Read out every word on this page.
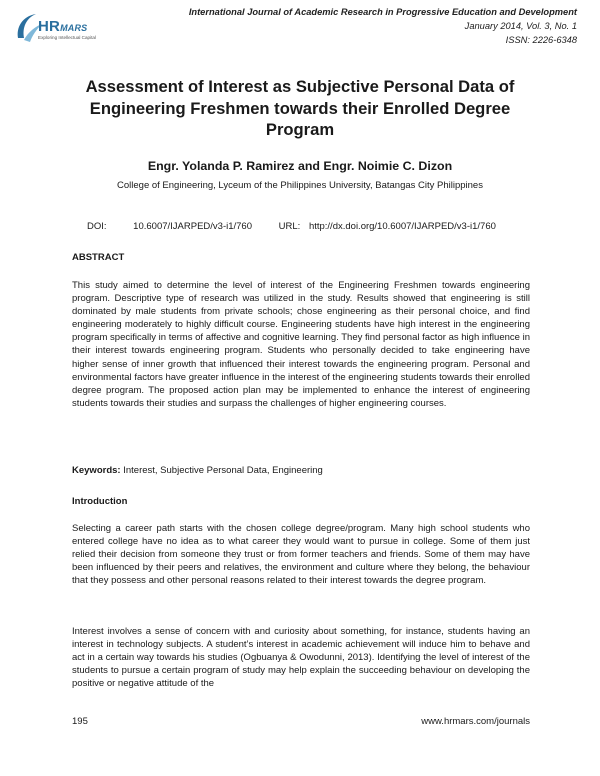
HRMARS
Exploring Intellectual Capital
International Journal of Academic Research in Progressive Education and Development
January 2014, Vol. 3, No. 1
ISSN: 2226-6348
Assessment of Interest as Subjective Personal Data of Engineering Freshmen towards their Enrolled Degree Program
Engr. Yolanda P. Ramirez and Engr. Noimie C. Dizon
College of Engineering, Lyceum of the Philippines University, Batangas City Philippines
DOI:	10.6007/IJARPED/v3-i1/760	URL: http://dx.doi.org/10.6007/IJARPED/v3-i1/760
ABSTRACT
This study aimed to determine the level of interest of the Engineering Freshmen towards engineering program. Descriptive type of research was utilized in the study. Results showed that engineering is still dominated by male students from private schools; chose engineering as their personal choice, and find engineering moderately to highly difficult course. Engineering students have high interest in the engineering program specifically in terms of affective and cognitive learning. They find personal factor as high influence in their interest towards engineering program. Students who personally decided to take engineering have higher sense of inner growth that influenced their interest towards the engineering program. Personal and environmental factors have greater influence in the interest of the engineering students towards their enrolled degree program. The proposed action plan may be implemented to enhance the interest of engineering students towards their studies and surpass the challenges of higher engineering courses.
Keywords: Interest, Subjective Personal Data, Engineering
Introduction
Selecting a career path starts with the chosen college degree/program. Many high school students who entered college have no idea as to what career they would want to pursue in college. Some of them just relied their decision from someone they trust or from former teachers and friends. Some of them may have been influenced by their peers and relatives, the environment and culture where they belong, the behaviour that they possess and other personal reasons related to their interest towards the degree program.
Interest involves a sense of concern with and curiosity about something, for instance, students having an interest in technology subjects. A student’s interest in academic achievement will induce him to behave and act in a certain way towards his studies (Ogbuanya & Owodunni, 2013). Identifying the level of interest of the students to pursue a certain program of study may help explain the succeeding behaviour on developing the positive or negative attitude of the
195	www.hrmars.com/journals
